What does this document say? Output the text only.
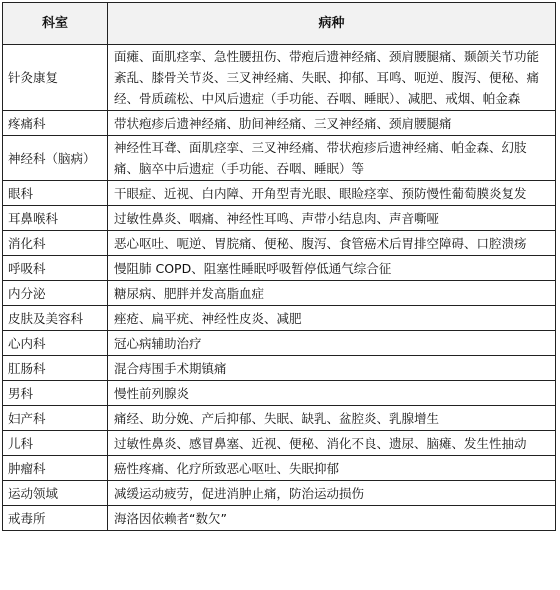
科室	病种
针灸康复	面瘫、面肌痉挛、急性腰扭伤、带疱后遗神经痛、颈肩腰腿痛、颞颌关节功能紊乱、膝骨关节炎、三叉神经痛、失眠、抑郁、耳鸣、呃逆、腹泻、便秘、痛经、骨质疏松、中风后遗症（手功能、吞咽、睡眠）、减肥、戒烟、帕金森
疼痛科	带状疱疹后遗神经痛、肋间神经痛、三叉神经痛、颈肩腰腿痛
神经科（脑病）	神经性耳聋、面肌痉挛、三叉神经痛、带状疱疹后遗神经痛、帕金森、幻肢痛、脑卒中后遗症（手功能、吞咽、睡眠）等
眼科	干眼症、近视、白内障、开角型青光眼、眼睑痉挛、预防慢性葡萄膜炎复发
耳鼻喉科	过敏性鼻炎、咽痛、神经性耳鸣、声带小结息肉、声音嘶哑
消化科	恶心呕吐、呃逆、胃脘痛、便秘、腹泻、食管癌术后胃排空障碍、口腔溃疡
呼吸科	慢阻肺 COPD、阻塞性睡眠呼吸暂停低通气综合征
内分泌	糖尿病、肥胖并发高脂血症
皮肤及美容科	痤疮、扁平疣、神经性皮炎、减肥
心内科	冠心病辅助治疗
肛肠科	混合痔围手术期镇痛
男科	慢性前列腺炎
妇产科	痛经、助分娩、产后抑郁、失眠、缺乳、盆腔炎、乳腺增生
儿科	过敏性鼻炎、感冒鼻塞、近视、便秘、消化不良、遗尿、脑瘫、发生性抽动
肿瘤科	癌性疼痛、化疗所致恶心呕吐、失眠抑郁
运动领域	减缓运动疲劳，促进消肿止痛，防治运动损伤
戒毒所	海洛因依赖者“数欠”
